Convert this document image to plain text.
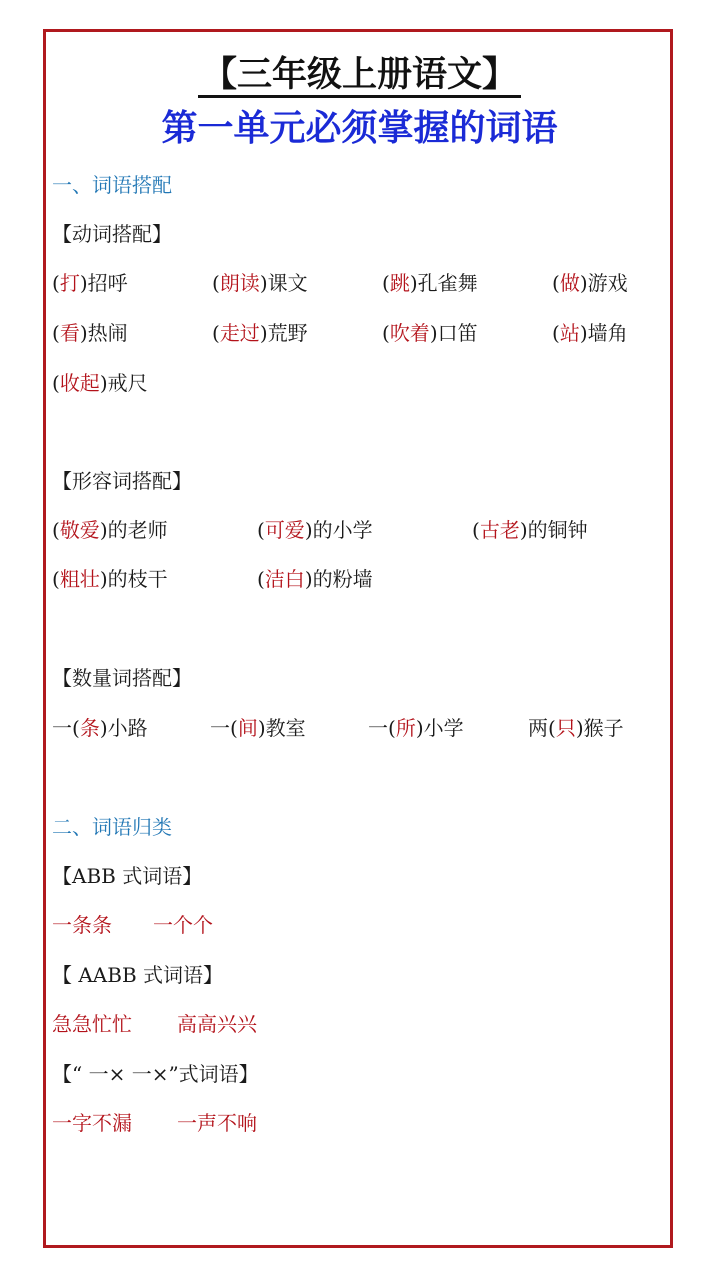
【三年级上册语文】
第一单元必须掌握的词语
一、词语搭配
【动词搭配】
(打)招呼	(朗读)课文	(跳)孔雀舞	(做)游戏
(看)热闹	(走过)荒野	(吹着)口笛	(站)墙角
(收起)戒尺
【形容词搭配】
(敬爱)的老师	(可爱)的小学	(古老)的铜钟
(粗壮)的枝干	(洁白)的粉墙
【数量词搭配】
一(条)小路	一(间)教室	一(所)小学	两(只)猴子
二、词语归类
【ABB 式词语】
一条条 一个个
【 AABB 式词语】
急急忙忙 高高兴兴
【“ 一× 一×”式词语】
一字不漏 一声不响
